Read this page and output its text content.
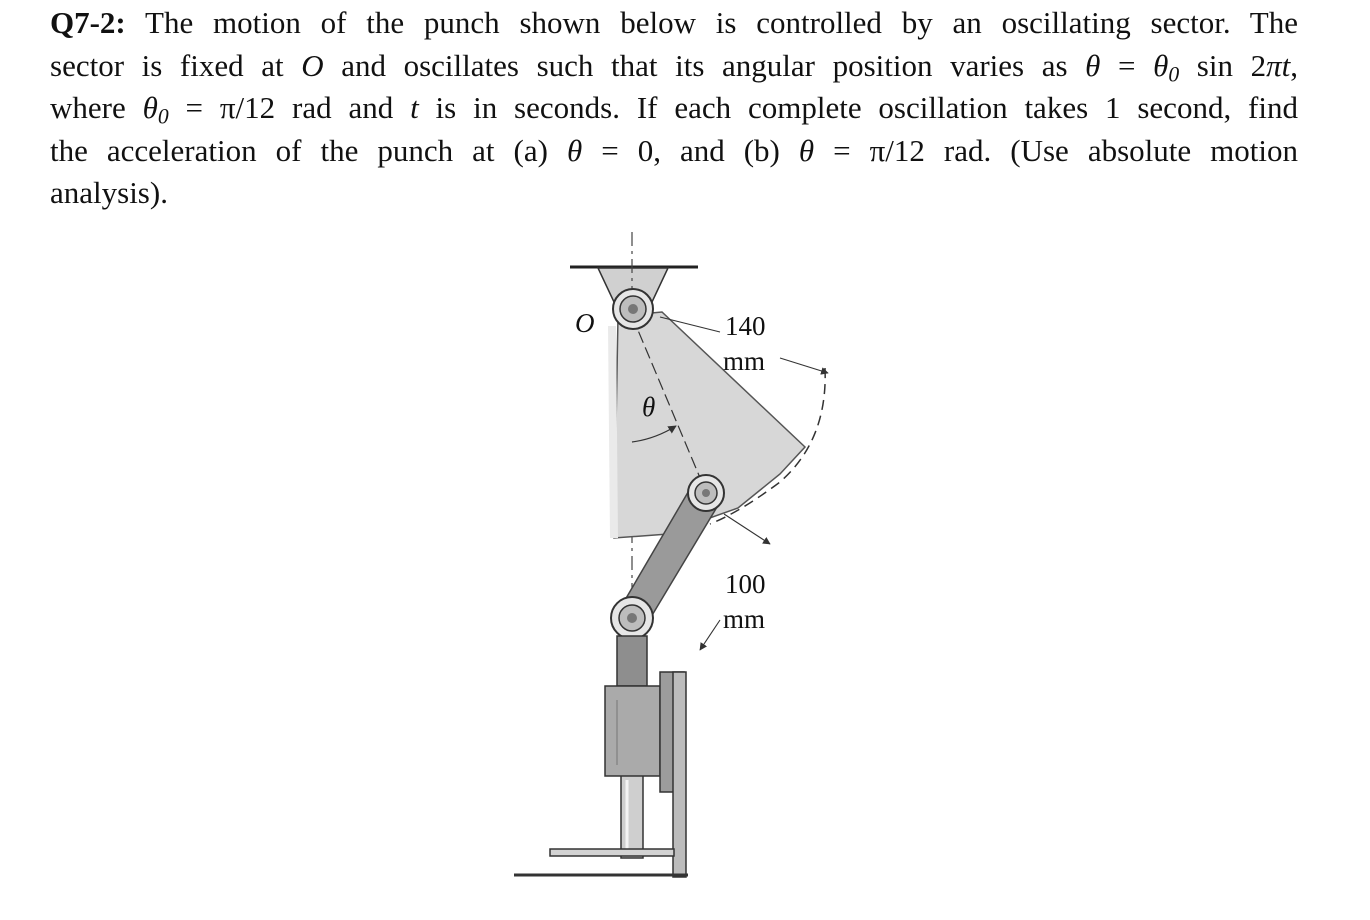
Q7-2: The motion of the punch shown below is controlled by an oscillating sector. The
sector is fixed at O and oscillates such that its angular position varies as $\theta = \theta_0$ sin 2πt,
where $\theta_0 = \pi/12$ rad and t is in seconds. If each complete oscillation takes 1 second, find
the acceleration of the punch at (a) θ = 0, and (b) θ = π/12 rad. (Use absolute motion
analysis).
O
θ
140
mm
100
mm
